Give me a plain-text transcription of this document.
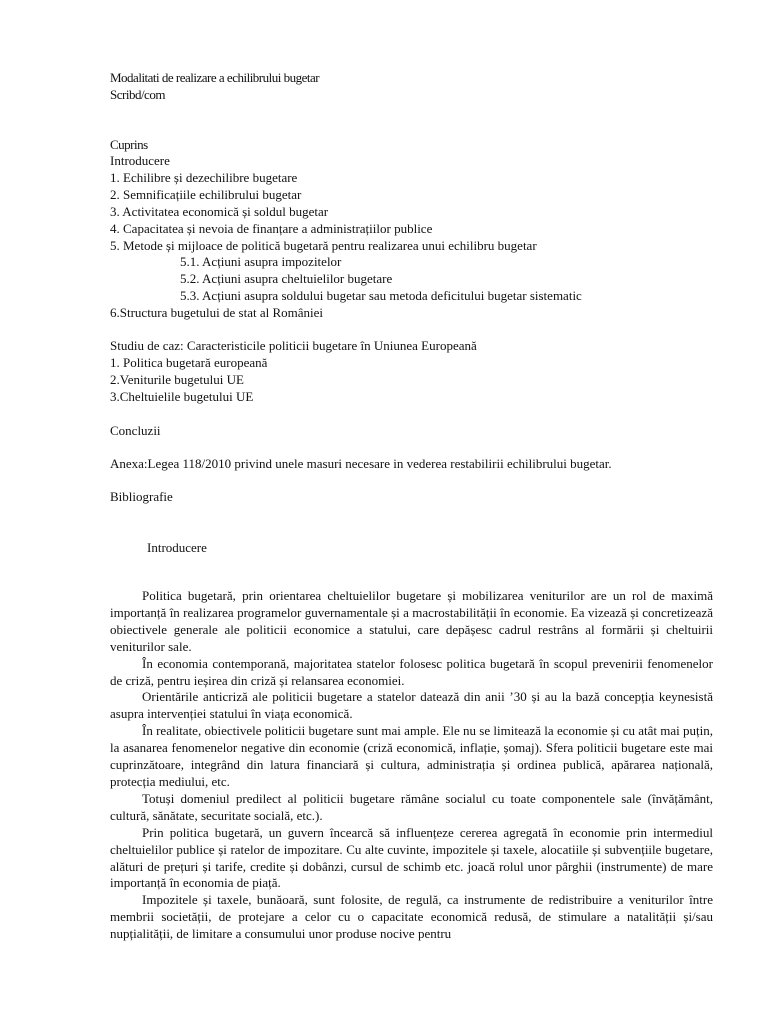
Modalitati de realizare a echilibrului bugetar
Scribd/com
Cuprins
Introducere
1. Echilibre și dezechilibre bugetare
2. Semnificațiile echilibrului bugetar
3. Activitatea economică și soldul bugetar
4. Capacitatea și nevoia de finanțare a administrațiilor publice
5. Metode și mijloace de politică bugetară pentru realizarea unui echilibru bugetar
5.1. Acțiuni asupra impozitelor
5.2. Acțiuni asupra cheltuielilor bugetare
5.3. Acțiuni asupra soldului bugetar sau metoda deficitului bugetar sistematic
6.Structura bugetului de stat al României
Studiu de caz: Caracteristicile politicii bugetare în Uniunea Europeană
1. Politica bugetară europeană
2.Veniturile bugetului UE
3.Cheltuielile bugetului UE
Concluzii
Anexa:Legea 118/2010 privind unele masuri necesare in vederea restabilirii echilibrului bugetar.
Bibliografie
Introducere

Politica bugetară, prin orientarea cheltuielilor bugetare și mobilizarea veniturilor are un rol de maximă importanță în realizarea programelor guvernamentale și a macrostabilității în economie. Ea vizează și concretizează obiectivele generale ale politicii economice a statului, care depășesc cadrul restrâns al formării și cheltuirii veniturilor sale.

În economia contemporană, majoritatea statelor folosesc politica bugetară în scopul prevenirii fenomenelor de criză, pentru ieșirea din criză și relansarea economiei.

Orientările anticriză ale politicii bugetare a statelor datează din anii ’30 și au la bază concepția keynesistă asupra intervenției statului în viața economică.

În realitate, obiectivele politicii bugetare sunt mai ample. Ele nu se limitează la economie și cu atât mai puțin, la asanarea fenomenelor negative din economie (criză economică, inflație, șomaj). Sfera politicii bugetare este mai cuprinzătoare, integrând din latura financiară și cultura, administrația și ordinea publică, apărarea națională, protecția mediului, etc.

Totuși domeniul predilect al politicii bugetare rămâne socialul cu toate componentele sale (învățământ, cultură, sănătate, securitate socială, etc.).

Prin politica bugetară, un guvern încearcă să influențeze cererea agregată în economie prin intermediul cheltuielilor publice și ratelor de impozitare. Cu alte cuvinte, impozitele și taxele, alocatiile și subvențiile bugetare, alături de prețuri și tarife, credite și dobânzi, cursul de schimb etc. joacă rolul unor pârghii (instrumente) de mare importanță în economia de piață.

Impozitele și taxele, bunăoară, sunt folosite, de regulă, ca instrumente de redistribuire a veniturilor între membrii societății, de protejare a celor cu o capacitate economică redusă, de stimulare a natalității și/sau nupțialității, de limitare a consumului unor produse nocive pentru
